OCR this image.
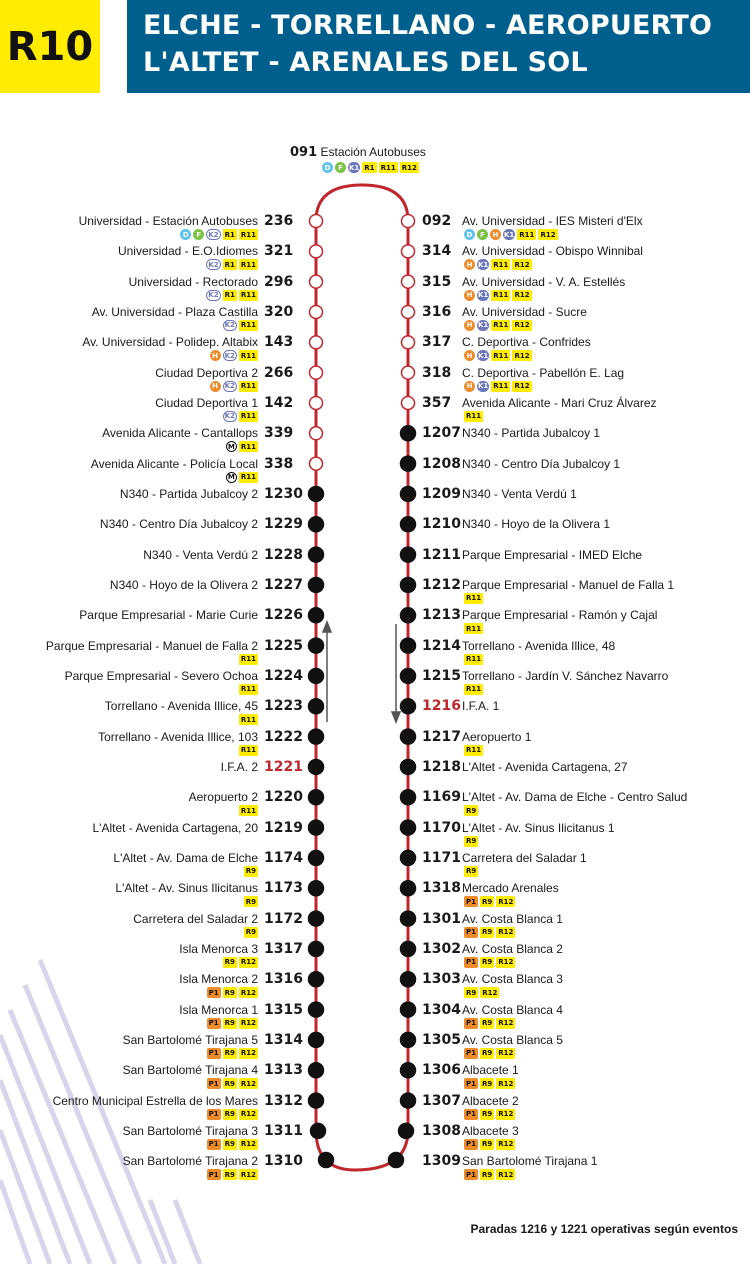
R10 ELCHE - TORRELLANO - AEROPUERTO
L'ALTET - ARENALES DEL SOL
091 Estación Autobuses
D	F K1 R1 R11 R12
Universidad - Estación Autobuses 236
D	F	K2 R1 R11
Universidad - E.O.Idiomes 321
K2 R1 R11
Universidad - Rectorado 296
K2 R1 R11
Av. Universidad - Plaza Castilla 320
K2 R11
Av. Universidad - Polidep. Altabix 143
H K2 R11
Ciudad Deportiva 2 266
H K2 R11
Ciudad Deportiva 1 142
K2 R11
Avenida Alicante - Cantallops 339
M R11
Avenida Alicante - Policía Local 338
M R11
N340 - Partida Jubalcoy 2 1230
N340 - Centro Día Jubalcoy 2 1229
N340 - Venta Verdú 2 1228
N340 - Hoyo de la Olivera 2 1227
Parque Empresarial - Marie Curie 1226
Parque Empresarial - Manuel de Falla 2 1225
R11
Parque Empresarial - Severo Ochoa 1224
R11
Torrellano - Avenida Illice, 45 1223
R11
Torrellano - Avenida Illice, 103 1222
R11
I.F.A. 2 1221
Aeropuerto 2 1220
R11
L'Altet - Avenida Cartagena, 20 1219
L'Altet - Av. Dama de Elche 1174
R9
L'Altet - Av. Sinus Ilicitanus 1173
R9
Carretera del Saladar 2 1172
R9
Isla Menorca 3 1317
R9 R12
Isla Menorca 2 1316
P1 R9 R12
Isla Menorca 1 1315
P1 R9 R12
San Bartolomé Tirajana 5 1314
P1 R9 R12
San Bartolomé Tirajana 4 1313
P1 R9 R12
Centro Municipal Estrella de los Mares 1312
P1 R9 R12
San Bartolomé Tirajana 3 1311
P1 R9 R12
San Bartolomé Tirajana 2 1310
P1 R9 R12
092 Av. Universidad - IES Misteri d'Elx
D	F	H K1 R11 R12
314 Av. Universidad - Obispo Winnibal
H K1 R11 R12
315 Av. Universidad - V. A. Estellés
H K1 R11 R12
316 Av. Universidad - Sucre
H K1 R11 R12
317 C. Deportiva - Confrides
H K1 R11 R12
318 C. Deportiva - Pabellón E. Lag
H K1 R11 R12
357 Avenida Alicante - Mari Cruz Álvarez
R11
1207 N340 - Partida Jubalcoy 1
1208 N340 - Centro Día Jubalcoy 1
1209 N340 - Venta Verdú 1
1210 N340 - Hoyo de la Olivera 1
1211 Parque Empresarial - IMED Elche
1212 Parque Empresarial - Manuel de Falla 1
R11
1213 Parque Empresarial - Ramón y Cajal
R11
1214 Torrellano - Avenida Illice, 48
R11
1215 Torrellano - Jardín V. Sánchez Navarro
R11
1216 I.F.A. 1
1217 Aeropuerto 1
R11
1218 L'Altet - Avenida Cartagena, 27
1169 L'Altet - Av. Dama de Elche - Centro Salud
R9
1170 L'Altet - Av. Sinus Ilicitanus 1
R9
1171 Carretera del Saladar 1
R9
1318 Mercado Arenales
P1 R9 R12
1301 Av. Costa Blanca 1
P1 R9 R12
1302 Av. Costa Blanca 2
P1 R9 R12
1303 Av. Costa Blanca 3
R9 R12
1304 Av. Costa Blanca 4
P1 R9 R12
1305 Av. Costa Blanca 5
P1 R9 R12
1306 Albacete 1
P1 R9 R12
1307 Albacete 2
P1 R9 R12
1308 Albacete 3
P1 R9 R12
1309 San Bartolomé Tirajana 1
P1 R9 R12
Paradas 1216 y 1221 operativas según eventos
